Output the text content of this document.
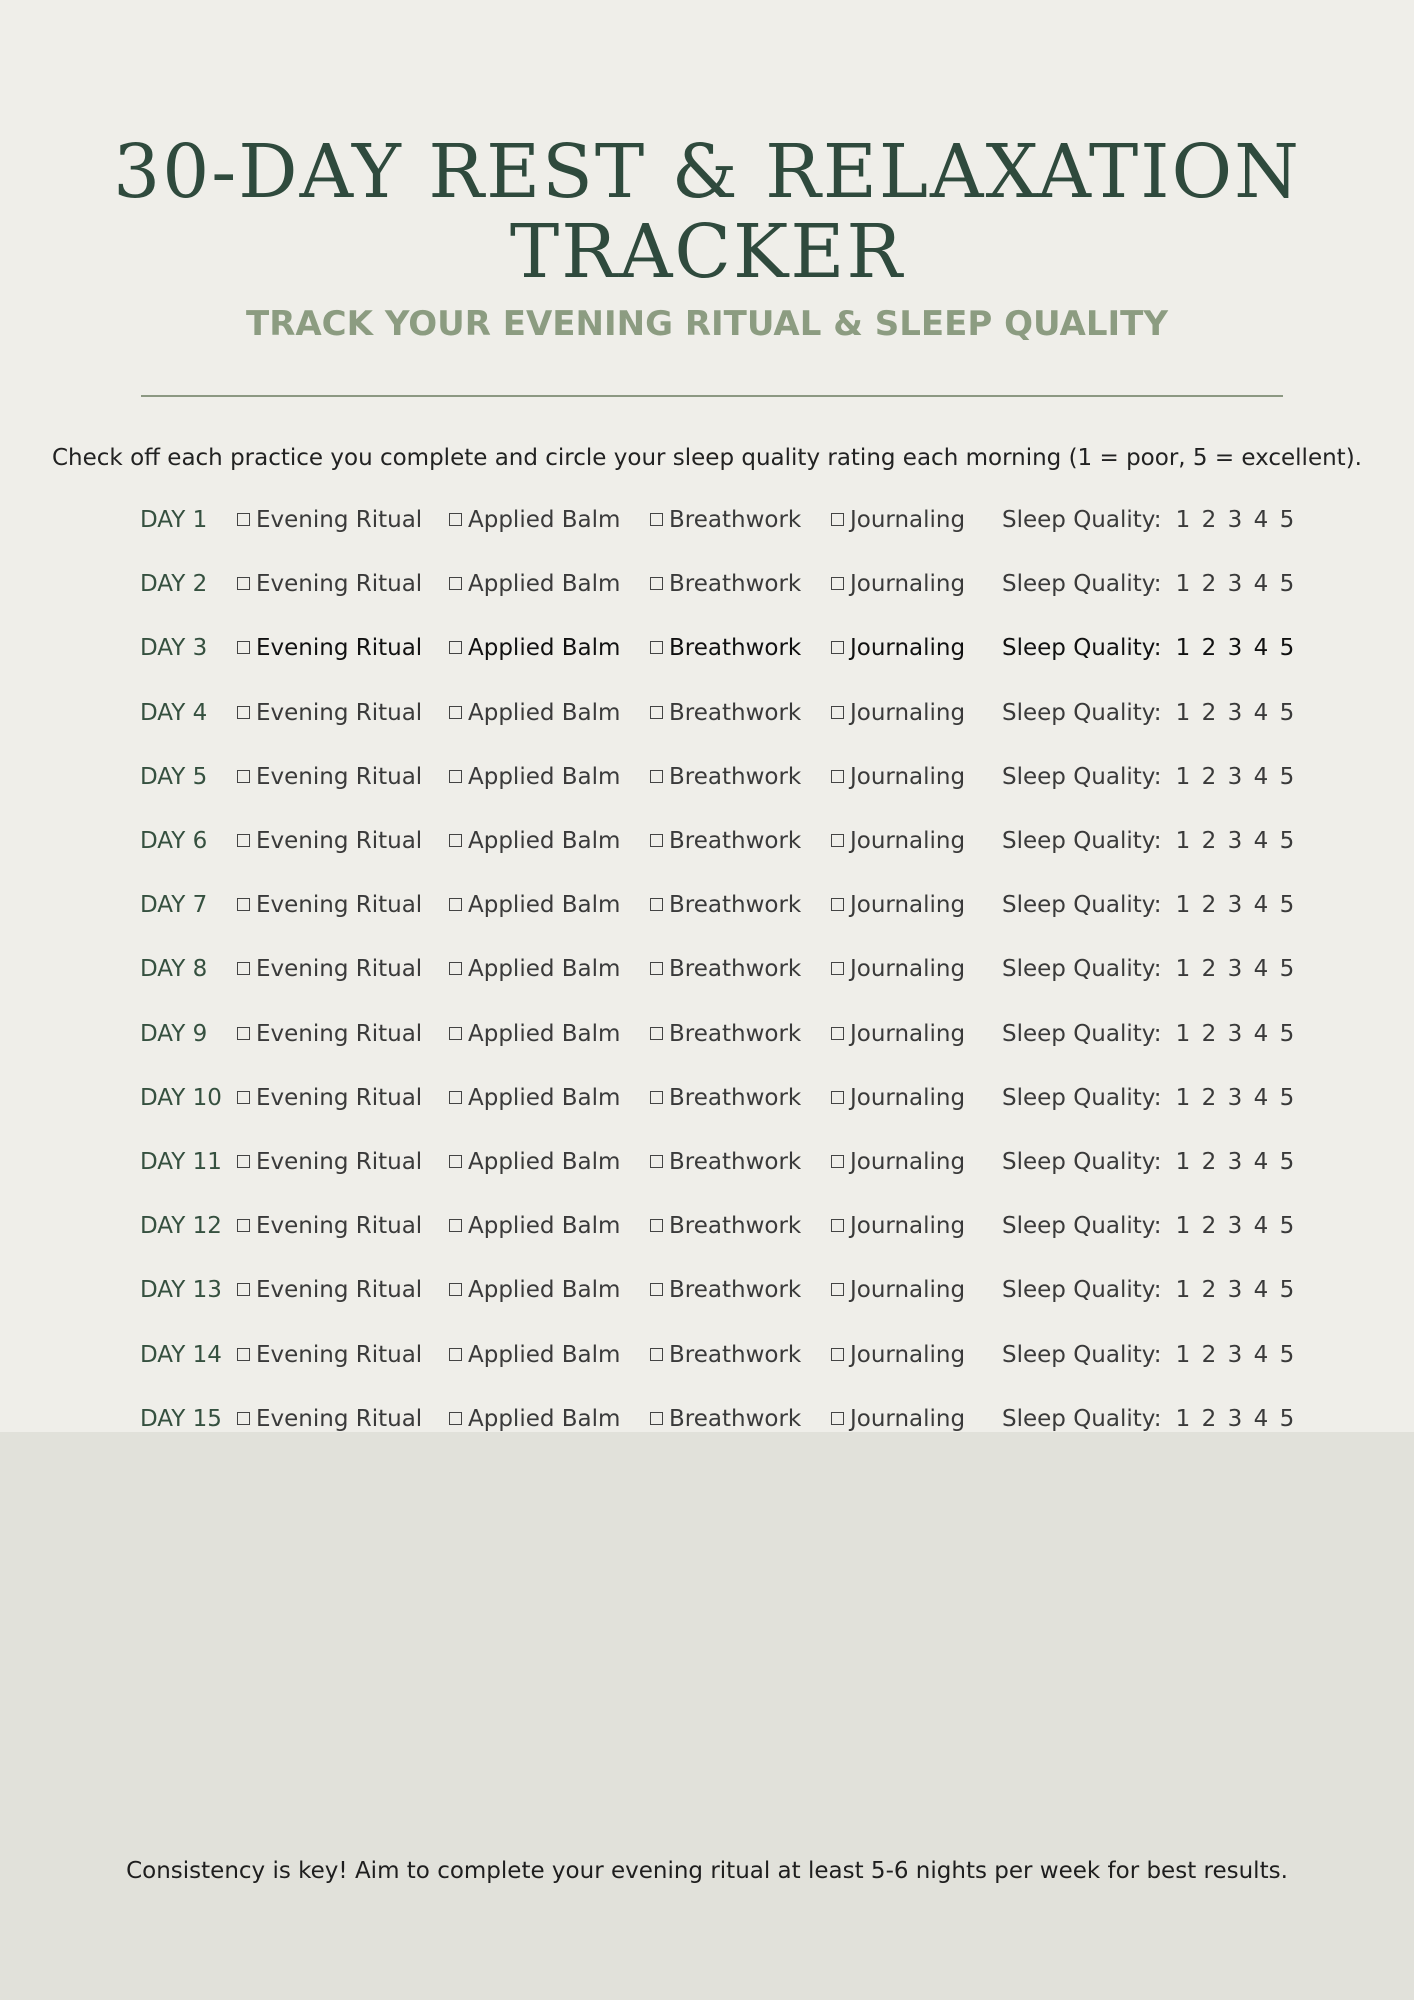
30-DAY REST & RELAXATION
TRACKER
TRACK YOUR EVENING RITUAL & SLEEP QUALITY

Check off each practice you complete and circle your sleep quality rating each morning (1 = poor, 5 = excellent).

DAY 1	Evening Ritual	Applied Balm	Breathwork	Journaling Sleep Quality: 1 2 3 4 5
DAY 2	Evening Ritual	Applied Balm	Breathwork	Journaling Sleep Quality: 1 2 3 4 5
DAY 3	Evening Ritual	Applied Balm	Breathwork	Journaling Sleep Quality: 1 2 3 4 5
DAY 4	Evening Ritual	Applied Balm	Breathwork	Journaling Sleep Quality: 1 2 3 4 5
DAY 5	Evening Ritual	Applied Balm	Breathwork	Journaling Sleep Quality: 1 2 3 4 5
DAY 6	Evening Ritual	Applied Balm	Breathwork	Journaling Sleep Quality: 1 2 3 4 5
DAY 7	Evening Ritual	Applied Balm	Breathwork	Journaling Sleep Quality: 1 2 3 4 5
DAY 8	Evening Ritual	Applied Balm	Breathwork	Journaling Sleep Quality: 1 2 3 4 5
DAY 9	Evening Ritual	Applied Balm	Breathwork	Journaling Sleep Quality: 1 2 3 4 5
DAY 10	Evening Ritual	Applied Balm	Breathwork	Journaling Sleep Quality: 1 2 3 4 5
DAY 11	Evening Ritual	Applied Balm	Breathwork	Journaling Sleep Quality: 1 2 3 4 5
DAY 12	Evening Ritual	Applied Balm	Breathwork	Journaling Sleep Quality: 1 2 3 4 5
DAY 13	Evening Ritual	Applied Balm	Breathwork	Journaling Sleep Quality: 1 2 3 4 5
DAY 14	Evening Ritual	Applied Balm	Breathwork	Journaling Sleep Quality: 1 2 3 4 5
DAY 15	Evening Ritual	Applied Balm	Breathwork	Journaling Sleep Quality: 1 2 3 4 5

Consistency is key! Aim to complete your evening ritual at least 5-6 nights per week for best results.
